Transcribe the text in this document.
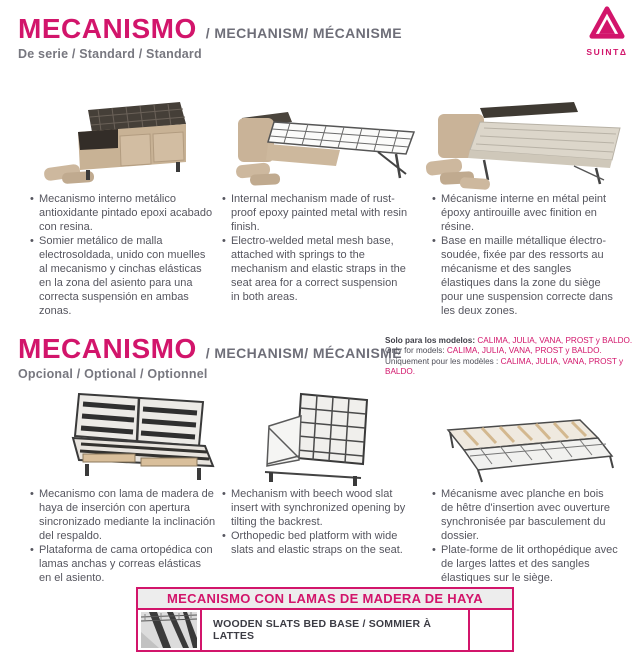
MECANISMO / MECHANISM/ MÉCANISME
De serie / Standard / Standard	SUINTΔ
• Mecanismo interno metálico antioxidante pintado epoxi acabado con resina.
• Somier metálico de malla electrosoldada, unido con muelles al mecanismo y cinchas elásticas en la zona del asiento para una correcta suspensión en ambas zonas.
• Internal mechanism made of rust-proof epoxy painted metal with resin finish.
• Electro-welded metal mesh base, attached with springs to the mechanism and elastic straps in the seat area for a correct suspension in both areas.
• Mécanisme interne en métal peint époxy antirouille avec finition en résine.
• Base en maille métallique électro-soudée, fixée par des ressorts au mécanisme et des sangles élastiques dans la zone du siège pour une suspension correcte dans les deux zones.
MECANISMO / MECHANISM/ MÉCANISME
Opcional / Optional / Optionnel
Solo para los modelos: CALIMA, JULIA, VANA, PROST y BALDO.
Only for models: CALIMA, JULIA, VANA, PROST y BALDO.
Uniquement pour les modèles : CALIMA, JULIA, VANA, PROST y BALDO.
• Mecanismo con lama de madera de haya de inserción con apertura sincronizado mediante la inclinación del respaldo.
• Plataforma de cama ortopédica con lamas anchas y correas elásticas en el asiento.
• Mechanism with beech wood slat insert with synchronized opening by tilting the backrest.
• Orthopedic bed platform with wide slats and elastic straps on the seat.
• Mécanisme avec planche en bois de hêtre d'insertion avec ouverture synchronisée par basculement du dossier.
• Plate-forme de lit orthopédique avec de larges lattes et des sangles élastiques sur le siège.
MECANISMO CON LAMAS DE MADERA DE HAYA
WOODEN SLATS BED BASE / SOMMIER À LATTES
